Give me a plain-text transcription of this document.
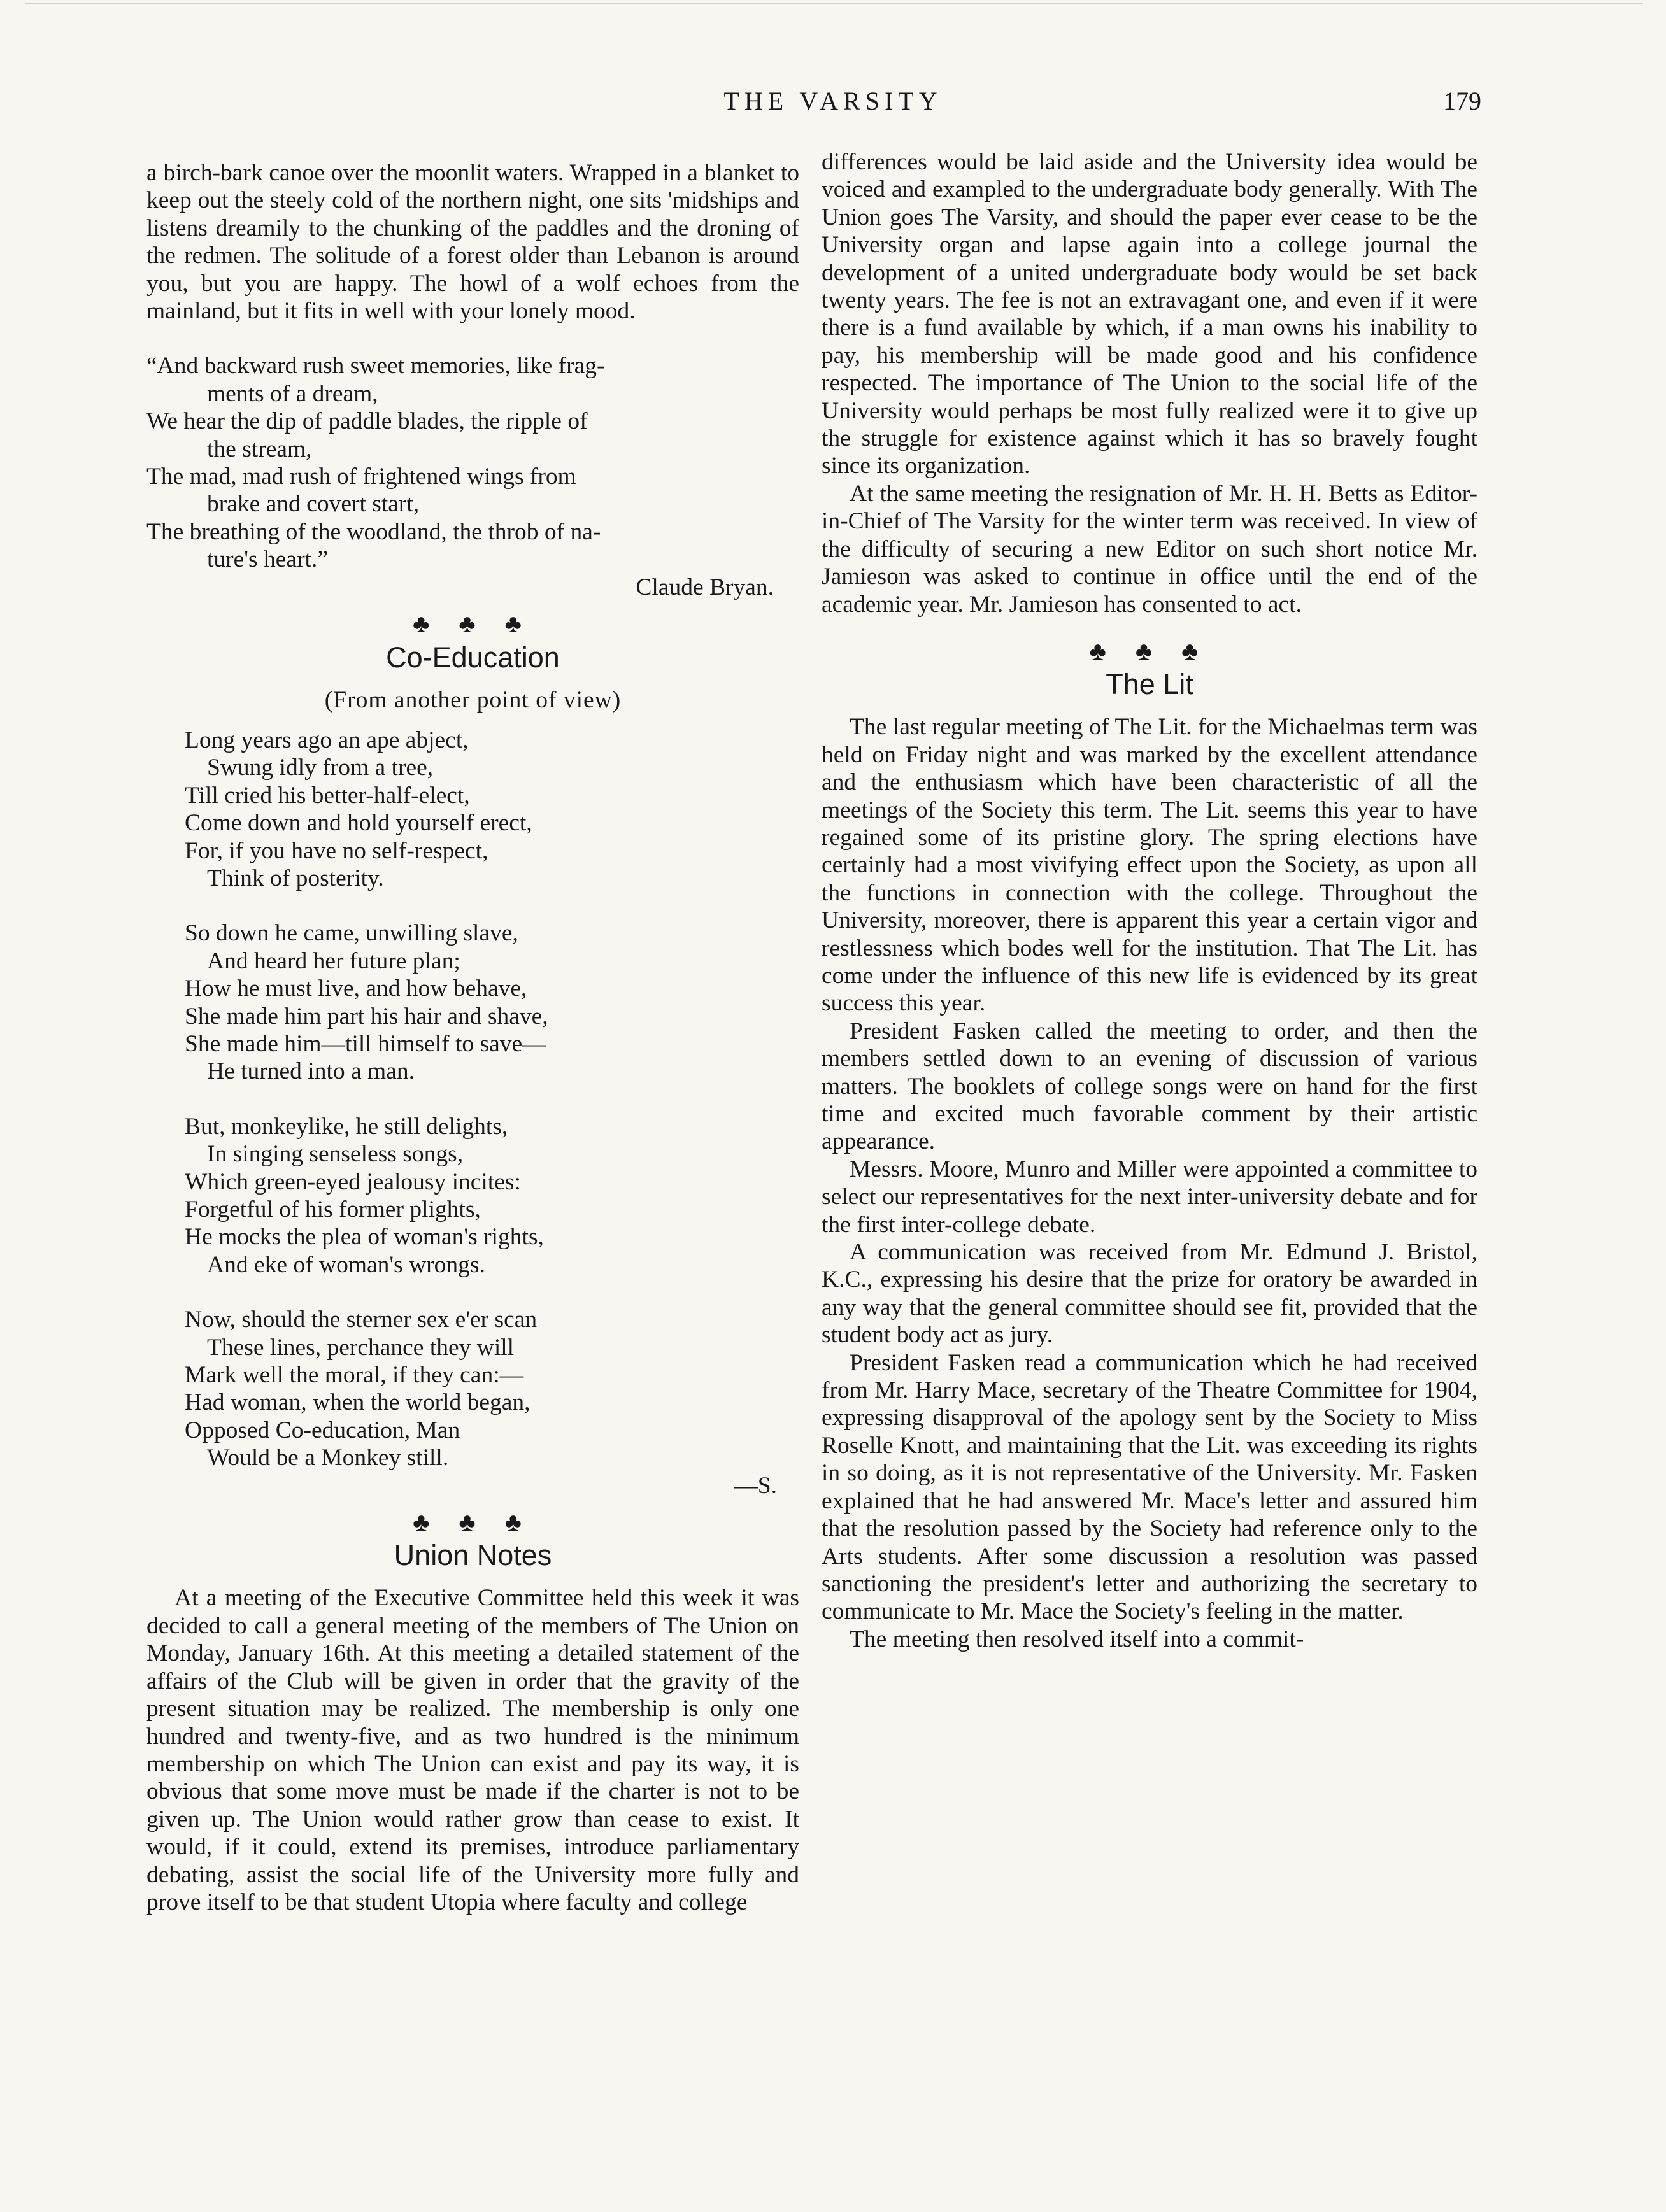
THE VARSITY	179

a birch-bark canoe over the moonlit waters. Wrapped in a blanket to keep out the steely cold of the northern night, one sits 'midships and listens dreamily to the chunking of the paddles and the droning of the redmen. The solitude of a forest older than Lebanon is around you, but you are happy. The howl of a wolf echoes from the mainland, but it fits in well with your lonely mood.

“And backward rush sweet memories, like frag-
ments of a dream,
We hear the dip of paddle blades, the ripple of
the stream,
The mad, mad rush of frightened wings from
brake and covert start,
The breathing of the woodland, the throb of na-
ture's heart.”
Claude Bryan.
♣ ♣ ♣
Co-Education
(From another point of view)
Long years ago an ape abject,
Swung idly from a tree,
Till cried his better-half-elect,
Come down and hold yourself erect,
For, if you have no self-respect,
Think of posterity.
So down he came, unwilling slave,
And heard her future plan;
How he must live, and how behave,
She made him part his hair and shave,
She made him—till himself to save—
He turned into a man.
But, monkeylike, he still delights,
In singing senseless songs,
Which green-eyed jealousy incites:
Forgetful of his former plights,
He mocks the plea of woman's rights,
And eke of woman's wrongs.
Now, should the sterner sex e'er scan
These lines, perchance they will
Mark well the moral, if they can:—
Had woman, when the world began,
Opposed Co-education, Man
Would be a Monkey still.
—S.
♣ ♣ ♣
Union Notes

At a meeting of the Executive Committee held this week it was decided to call a general meeting of the members of The Union on Monday, January 16th. At this meeting a detailed statement of the affairs of the Club will be given in order that the gravity of the present situation may be realized. The membership is only one hundred and twenty-five, and as two hundred is the minimum membership on which The Union can exist and pay its way, it is obvious that some move must be made if the charter is not to be given up. The Union would rather grow than cease to exist. It would, if it could, extend its premises, introduce parliamentary debating, assist the social life of the University more fully and prove itself to be that student Utopia where faculty and college

differences would be laid aside and the University idea would be voiced and exampled to the undergraduate body generally. With The Union goes The Varsity, and should the paper ever cease to be the University organ and lapse again into a college journal the development of a united undergraduate body would be set back twenty years. The fee is not an extravagant one, and even if it were there is a fund available by which, if a man owns his inability to pay, his membership will be made good and his confidence respected. The importance of The Union to the social life of the University would perhaps be most fully realized were it to give up the struggle for existence against which it has so bravely fought since its organization.

At the same meeting the resignation of Mr. H. H. Betts as Editor-in-Chief of The Varsity for the winter term was received. In view of the difficulty of securing a new Editor on such short notice Mr. Jamieson was asked to continue in office until the end of the academic year. Mr. Jamieson has consented to act.

♣ ♣ ♣
The Lit

The last regular meeting of The Lit. for the Michaelmas term was held on Friday night and was marked by the excellent attendance and the enthusiasm which have been characteristic of all the meetings of the Society this term. The Lit. seems this year to have regained some of its pristine glory. The spring elections have certainly had a most vivifying effect upon the Society, as upon all the functions in connection with the college. Throughout the University, moreover, there is apparent this year a certain vigor and restlessness which bodes well for the institution. That The Lit. has come under the influence of this new life is evidenced by its great success this year.

President Fasken called the meeting to order, and then the members settled down to an evening of discussion of various matters. The booklets of college songs were on hand for the first time and excited much favorable comment by their artistic appearance.

Messrs. Moore, Munro and Miller were appointed a committee to select our representatives for the next inter-university debate and for the first inter-college debate.

A communication was received from Mr. Edmund J. Bristol, K.C., expressing his desire that the prize for oratory be awarded in any way that the general committee should see fit, provided that the student body act as jury.

President Fasken read a communication which he had received from Mr. Harry Mace, secretary of the Theatre Committee for 1904, expressing disapproval of the apology sent by the Society to Miss Roselle Knott, and maintaining that the Lit. was exceeding its rights in so doing, as it is not representative of the University. Mr. Fasken explained that he had answered Mr. Mace's letter and assured him that the resolution passed by the Society had reference only to the Arts students. After some discussion a resolution was passed sanctioning the president's letter and authorizing the secretary to communicate to Mr. Mace the Society's feeling in the matter.

The meeting then resolved itself into a commit-
